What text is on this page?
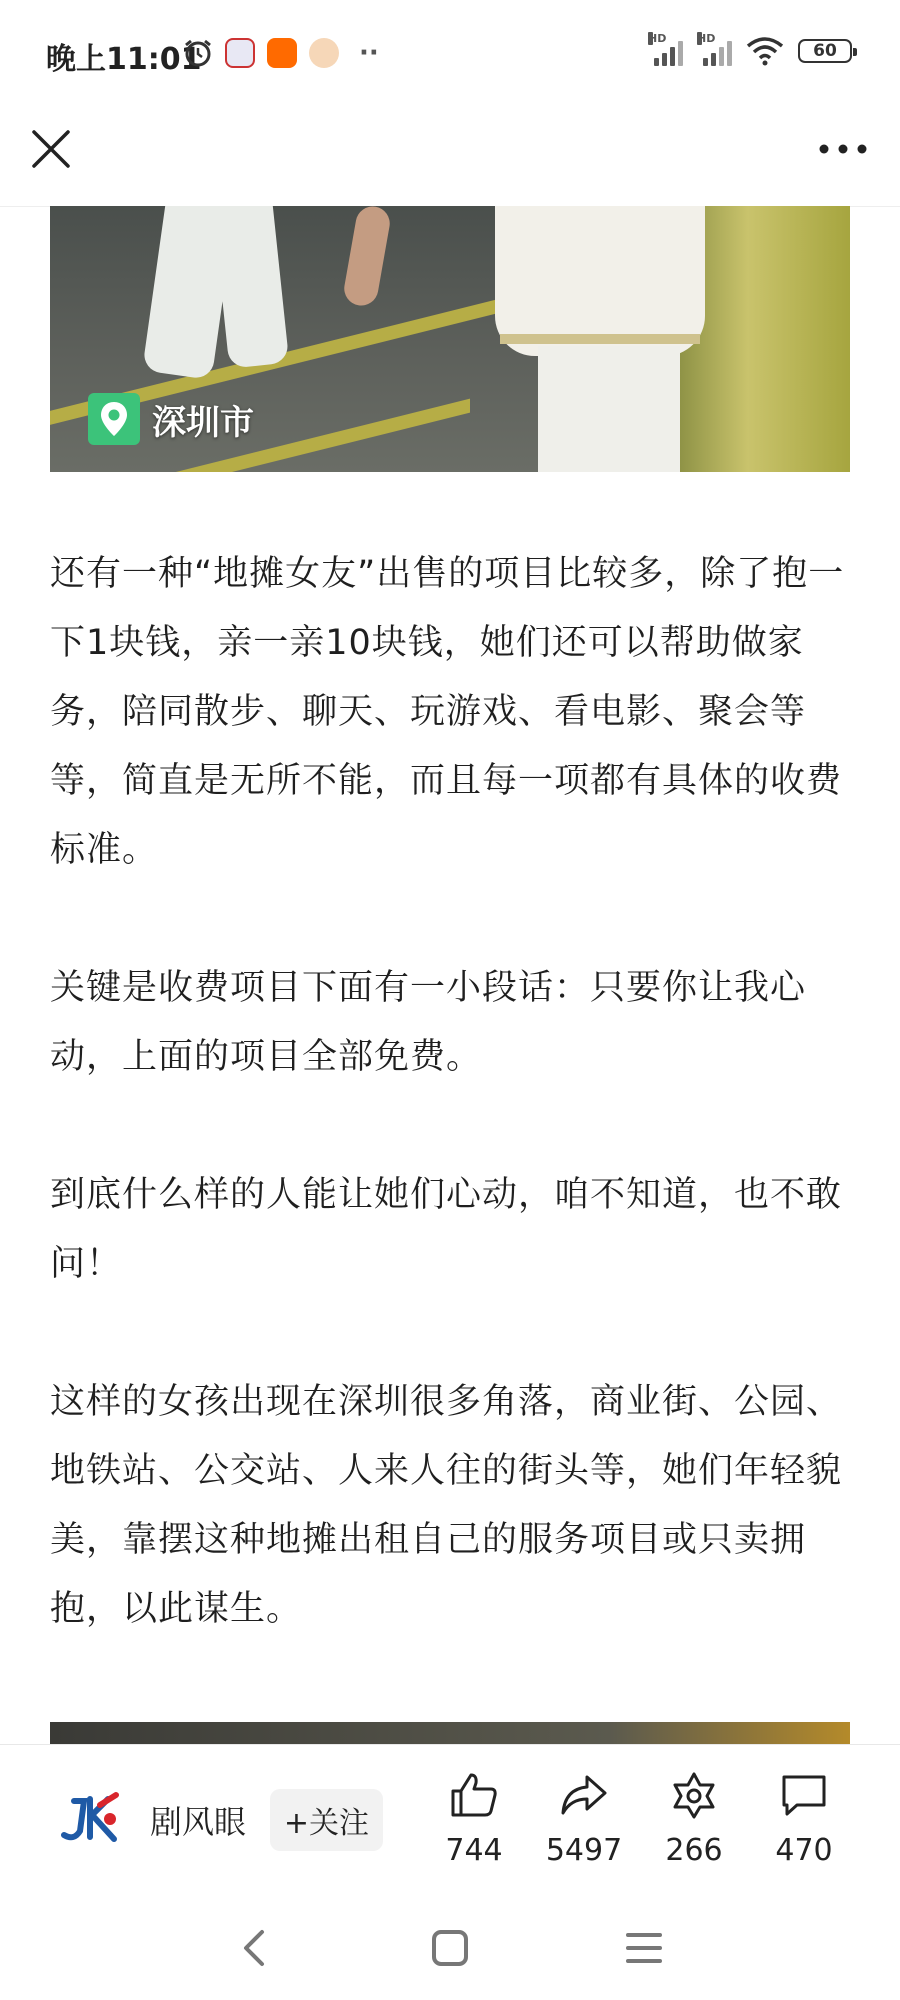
晚上11:01	··	HD	HD
60
深圳市

还有一种“地摊女友”出售的项目比较多，除了抱一下1块钱，亲一亲10块钱，她们还可以帮助做家务，陪同散步、聊天、玩游戏、看电影、聚会等等，简直是无所不能，而且每一项都有具体的收费标准。

关键是收费项目下面有一小段话：只要你让我心动，上面的项目全部免费。

到底什么样的人能让她们心动，咱不知道，也不敢问！

这样的女孩出现在深圳很多角落，商业街、公园、地铁站、公交站、人来人往的街头等，她们年轻貌美，靠摆这种地摊出租自己的服务项目或只卖拥抱，以此谋生。

剧风眼	+关注
744	5497	266	470
